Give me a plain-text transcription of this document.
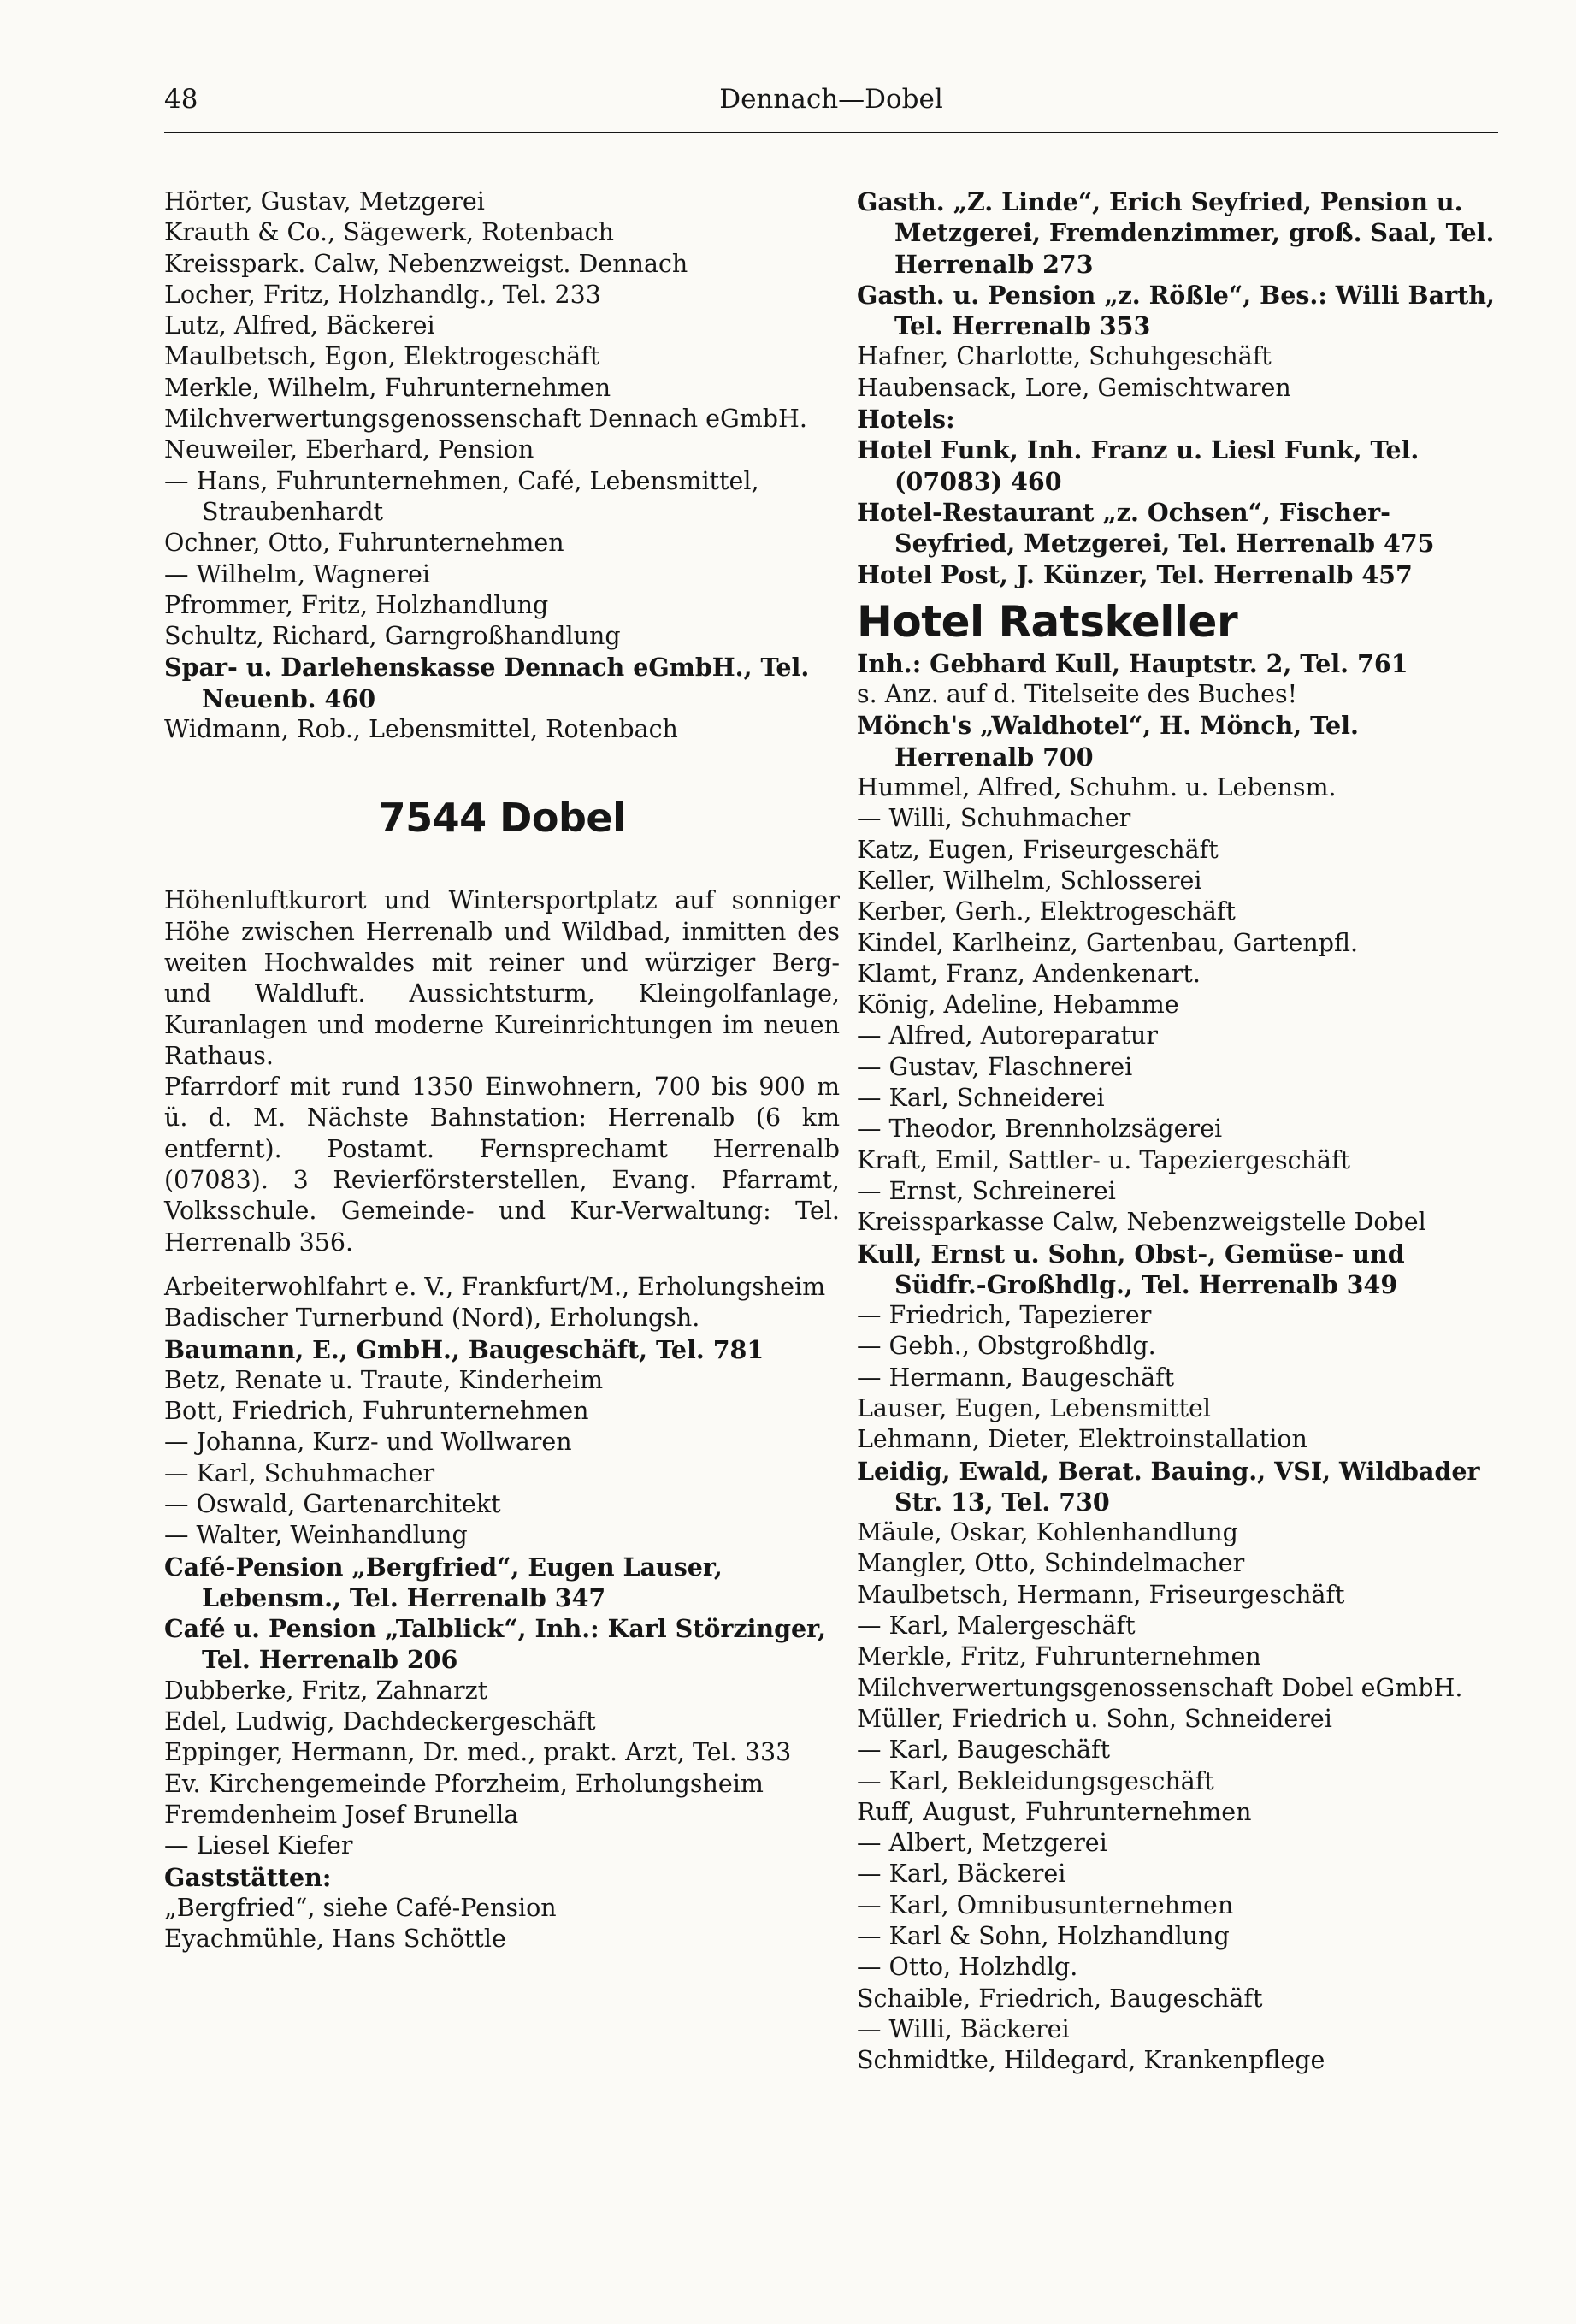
48	Dennach—Dobel
Hörter, Gustav, Metzgerei
Krauth & Co., Sägewerk, Rotenbach
Kreisspark. Calw, Nebenzweigst. Dennach
Locher, Fritz, Holzhandlg., Tel. 233
Lutz, Alfred, Bäckerei
Maulbetsch, Egon, Elektrogeschäft
Merkle, Wilhelm, Fuhrunternehmen
Milchverwertungsgenossenschaft Dennach eGmbH.
Neuweiler, Eberhard, Pension
— Hans, Fuhrunternehmen, Café, Lebensmittel, Straubenhardt
Ochner, Otto, Fuhrunternehmen
— Wilhelm, Wagnerei
Pfrommer, Fritz, Holzhandlung
Schultz, Richard, Garngroßhandlung
Spar- u. Darlehenskasse Dennach eGmbH., Tel. Neuenb. 460
Widmann, Rob., Lebensmittel, Rotenbach
7544 Dobel
Höhenluftkurort und Wintersportplatz auf sonniger Höhe zwischen Herrenalb und Wildbad, inmitten des weiten Hochwaldes mit reiner und würziger Berg- und Waldluft. Aussichtsturm, Kleingolfanlage, Kuranlagen und moderne Kureinrichtungen im neuen Rathaus.
Pfarrdorf mit rund 1350 Einwohnern, 700 bis 900 m ü. d. M. Nächste Bahnstation: Herrenalb (6 km entfernt). Postamt. Fernsprechamt Herrenalb (07083). 3 Revierförsterstellen, Evang. Pfarramt, Volksschule. Gemeinde- und Kur-Verwaltung: Tel. Herrenalb 356.
Arbeiterwohlfahrt e. V., Frankfurt/M., Erholungsheim
Badischer Turnerbund (Nord), Erholungsh.
Baumann, E., GmbH., Baugeschäft, Tel. 781
Betz, Renate u. Traute, Kinderheim
Bott, Friedrich, Fuhrunternehmen
— Johanna, Kurz- und Wollwaren
— Karl, Schuhmacher
— Oswald, Gartenarchitekt
— Walter, Weinhandlung
Café-Pension „Bergfried“, Eugen Lauser, Lebensm., Tel. Herrenalb 347
Café u. Pension „Talblick“, Inh.: Karl Störzinger, Tel. Herrenalb 206
Dubberke, Fritz, Zahnarzt
Edel, Ludwig, Dachdeckergeschäft
Eppinger, Hermann, Dr. med., prakt. Arzt, Tel. 333
Ev. Kirchengemeinde Pforzheim, Erholungsheim
Fremdenheim Josef Brunella
— Liesel Kiefer
Gaststätten:
„Bergfried“, siehe Café-Pension
Eyachmühle, Hans Schöttle
Gasth. „Z. Linde“, Erich Seyfried, Pension u. Metzgerei, Fremdenzimmer, groß. Saal, Tel. Herrenalb 273
Gasth. u. Pension „z. Rößle“, Bes.: Willi Barth, Tel. Herrenalb 353
Hafner, Charlotte, Schuhgeschäft
Haubensack, Lore, Gemischtwaren
Hotels:
Hotel Funk, Inh. Franz u. Liesl Funk, Tel. (07083) 460
Hotel-Restaurant „z. Ochsen“, Fischer-Seyfried, Metzgerei, Tel. Herrenalb 475
Hotel Post, J. Künzer, Tel. Herrenalb 457
Hotel Ratskeller
Inh.: Gebhard Kull, Hauptstr. 2, Tel. 761
s. Anz. auf d. Titelseite des Buches!
Mönch's „Waldhotel“, H. Mönch, Tel. Herrenalb 700
Hummel, Alfred, Schuhm. u. Lebensm.
— Willi, Schuhmacher
Katz, Eugen, Friseurgeschäft
Keller, Wilhelm, Schlosserei
Kerber, Gerh., Elektrogeschäft
Kindel, Karlheinz, Gartenbau, Gartenpfl.
Klamt, Franz, Andenkenart.
König, Adeline, Hebamme
— Alfred, Autoreparatur
— Gustav, Flaschnerei
— Karl, Schneiderei
— Theodor, Brennholzsägerei
Kraft, Emil, Sattler- u. Tapeziergeschäft
— Ernst, Schreinerei
Kreissparkasse Calw, Nebenzweigstelle Dobel
Kull, Ernst u. Sohn, Obst-, Gemüse- und Südfr.-Großhdlg., Tel. Herrenalb 349
— Friedrich, Tapezierer
— Gebh., Obstgroßhdlg.
— Hermann, Baugeschäft
Lauser, Eugen, Lebensmittel
Lehmann, Dieter, Elektroinstallation
Leidig, Ewald, Berat. Bauing., VSI, Wildbader Str. 13, Tel. 730
Mäule, Oskar, Kohlenhandlung
Mangler, Otto, Schindelmacher
Maulbetsch, Hermann, Friseurgeschäft
— Karl, Malergeschäft
Merkle, Fritz, Fuhrunternehmen
Milchverwertungsgenossenschaft Dobel eGmbH.
Müller, Friedrich u. Sohn, Schneiderei
— Karl, Baugeschäft
— Karl, Bekleidungsgeschäft
Ruff, August, Fuhrunternehmen
— Albert, Metzgerei
— Karl, Bäckerei
— Karl, Omnibusunternehmen
— Karl & Sohn, Holzhandlung
— Otto, Holzhdlg.
Schaible, Friedrich, Baugeschäft
— Willi, Bäckerei
Schmidtke, Hildegard, Krankenpflege
